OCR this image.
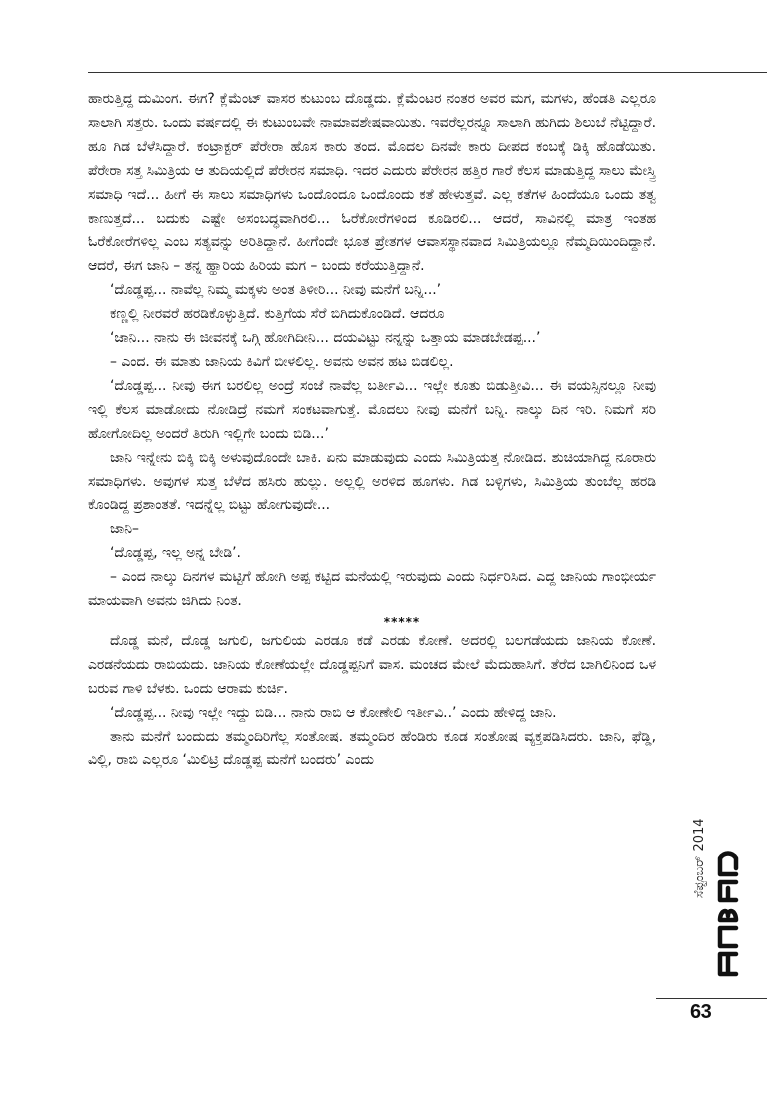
ಹಾರುತ್ತಿದ್ದ ದುಮಿಂಗ. ಈಗ? ಕ್ಲೆಮೆಂಟ್ ವಾಸರ ಕುಟುಂಬ ದೊಡ್ಡದು. ಕ್ಲೆಮೆಂಟರ ನಂತರ ಅವರ ಮಗ, ಮಗಳು, ಹೆಂಡತಿ ಎಲ್ಲರೂ ಸಾಲಾಗಿ ಸತ್ತರು. ಒಂದು ವರ್ಷದಲ್ಲಿ ಈ ಕುಟುಂಬವೇ ನಾಮಾವಶೇಷವಾಯಿತು. ಇವರೆಲ್ಲರನ್ನೂ ಸಾಲಾಗಿ ಹುಗಿದು ಶಿಲುಬೆ ನೆಟ್ಟಿದ್ದಾರೆ. ಹೂ ಗಿಡ ಬೆಳೆಸಿದ್ದಾರೆ. ಕಂಟ್ರಾಕ್ಟರ್ ಪೆರೇರಾ ಹೊಸ ಕಾರು ತಂದ. ಮೊದಲ ದಿನವೇ ಕಾರು ದೀಪದ ಕಂಬಕ್ಕೆ ಡಿಕ್ಕಿ ಹೊಡೆಯಿತು. ಪೆರೇರಾ ಸತ್ತ ಸಿಮಿತ್ರಿಯ ಆ ತುದಿಯಲ್ಲಿದೆ ಪೆರೇರನ ಸಮಾಧಿ. ಇದರ ಎದುರು ಪೆರೇರನ ಹತ್ತಿರ ಗಾರೆ ಕೆಲಸ ಮಾಡುತ್ತಿದ್ದ ಸಾಲು ಮೇಸ್ತ್ರಿ ಸಮಾಧಿ ಇದೆ... ಹೀಗೆ ಈ ಸಾಲು ಸಮಾಧಿಗಳು ಒಂದೊಂದೂ ಒಂದೊಂದು ಕತೆ ಹೇಳುತ್ತವೆ. ಎಲ್ಲ ಕತೆಗಳ ಹಿಂದೆಯೂ ಒಂದು ತತ್ವ ಕಾಣುತ್ತದೆ... ಬದುಕು ಎಷ್ಟೇ ಅಸಂಬದ್ಧವಾಗಿರಲಿ... ಓರೆಕೋರೆಗಳಿಂದ ಕೂಡಿರಲಿ... ಆದರೆ, ಸಾವಿನಲ್ಲಿ ಮಾತ್ರ ಇಂತಹ ಓರೆಕೋರೆಗಳಿಲ್ಲ ಎಂಬ ಸತ್ಯವನ್ನು ಅರಿತಿದ್ದಾನೆ. ಹೀಗೆಂದೇ ಭೂತ ಪ್ರೇತಗಳ ಆವಾಸಸ್ಥಾನವಾದ ಸಿಮಿತ್ರಿಯಲ್ಲೂ ನೆಮ್ಮದಿಯಿಂದಿದ್ದಾನೆ. ಆದರೆ, ಈಗ ಜಾನಿ – ತನ್ನ ಹ್ಹಾರಿಯ ಹಿರಿಯ ಮಗ – ಬಂದು ಕರೆಯುತ್ತಿದ್ದಾನೆ.

‘ದೊಡ್ಡಪ್ಪ... ನಾವೆಲ್ಲ ನಿಮ್ಮ ಮಕ್ಕಳು ಅಂತ ತಿಳೀರಿ... ನೀವು ಮನೆಗೆ ಬನ್ನಿ...’

ಕಣ್ಣಲ್ಲಿ ನೀರವರೆ ಹರಡಿಕೊಳ್ಳುತ್ತಿದೆ. ಕುತ್ತಿಗೆಯ ಸೆರೆ ಬಿಗಿದುಕೊಂಡಿದೆ. ಆದರೂ

‘ಜಾನಿ... ನಾನು ಈ ಜೀವನಕ್ಕೆ ಒಗ್ಗಿ ಹೋಗಿದೀನಿ... ದಯವಿಟ್ಟು ನನ್ನನ್ನು ಒತ್ತಾಯ ಮಾಡಬೇಡಪ್ಪ...’

– ಎಂದ. ಈ ಮಾತು ಜಾನಿಯ ಕಿವಿಗೆ ಬೀಳಲಿಲ್ಲ. ಅವನು ಅವನ ಹಟ ಬಿಡಲಿಲ್ಲ.

‘ದೊಡ್ಡಪ್ಪ... ನೀವು ಈಗ ಬರಲಿಲ್ಲ ಅಂದ್ರೆ ಸಂಜೆ ನಾವೆಲ್ಲ ಬರ್ತೀವಿ... ಇಲ್ಲೇ ಕೂತು ಬಿಡುತ್ತೀವಿ... ಈ ವಯಸ್ಸಿನಲ್ಲೂ ನೀವು ಇಲ್ಲಿ ಕೆಲಸ ಮಾಡೋದು ನೋಡಿದ್ರೆ ನಮಗೆ ಸಂಕಟವಾಗುತ್ತೆ. ಮೊದಲು ನೀವು ಮನೆಗೆ ಬನ್ನಿ. ನಾಲ್ಕು ದಿನ ಇರಿ. ನಿಮಗೆ ಸರಿ ಹೋಗೋದಿಲ್ಲ ಅಂದರೆ ತಿರುಗಿ ಇಲ್ಲಿಗೇ ಬಂದು ಬಿಡಿ...’

ಜಾನಿ ಇನ್ನೇನು ಬಿಕ್ಕಿ ಬಿಕ್ಕಿ ಅಳುವುದೊಂದೇ ಬಾಕಿ. ಏನು ಮಾಡುವುದು ಎಂದು ಸಿಮಿತ್ರಿಯತ್ತ ನೋಡಿದ. ಶುಚಿಯಾಗಿದ್ದ ನೂರಾರು ಸಮಾಧಿಗಳು. ಅವುಗಳ ಸುತ್ತ ಬೆಳೆದ ಹಸಿರು ಹುಲ್ಲು. ಅಲ್ಲಲ್ಲಿ ಅರಳಿದ ಹೂಗಳು. ಗಿಡ ಬಳ್ಳಿಗಳು, ಸಿಮಿತ್ರಿಯ ತುಂಬೆಲ್ಲ ಹರಡಿ ಕೊಂಡಿದ್ದ ಪ್ರಶಾಂತತೆ. ಇದನ್ನೆಲ್ಲ ಬಿಟ್ಟು ಹೋಗುವುದೇ...

ಜಾನಿ–

‘ದೊಡ್ಡಪ್ಪ, ಇಲ್ಲ ಅನ್ನ ಬೇಡಿ’.

– ಎಂದ ನಾಲ್ಕು ದಿನಗಳ ಮಟ್ಟಿಗೆ ಹೋಗಿ ಅಪ್ಪ ಕಟ್ಟಿದ ಮನೆಯಲ್ಲಿ ಇರುವುದು ಎಂದು ನಿರ್ಧರಿಸಿದ. ಎದ್ದ ಜಾನಿಯ ಗಾಂಭೀರ್ಯ ಮಾಯವಾಗಿ ಅವನು ಜಿಗಿದು ನಿಂತ.

*****

ದೊಡ್ಡ ಮನೆ, ದೊಡ್ಡ ಜಗುಲಿ, ಜಗುಲಿಯ ಎರಡೂ ಕಡೆ ಎರಡು ಕೋಣೆ. ಅದರಲ್ಲಿ ಬಲಗಡೆಯದು ಜಾನಿಯ ಕೋಣೆ. ಎರಡನೆಯದು ರಾಬಿಯದು. ಜಾನಿಯ ಕೋಣೆಯಲ್ಲೇ ದೊಡ್ಡಪ್ಪನಿಗೆ ವಾಸ. ಮಂಚದ ಮೇಲೆ ಮೆದುಹಾಸಿಗೆ. ತೆರೆದ ಬಾಗಿಲಿನಿಂದ ಒಳ ಬರುವ ಗಾಳಿ ಬೆಳಕು. ಒಂದು ಆರಾಮ ಕುರ್ಚಿ.

‘ದೊಡ್ಡಪ್ಪ... ನೀವು ಇಲ್ಲೇ ಇದ್ದು ಬಿಡಿ... ನಾನು ರಾಬಿ ಆ ಕೋಣೇಲಿ ಇರ್ತೀವಿ..’ ಎಂದು ಹೇಳಿದ್ದ ಜಾನಿ.

ತಾನು ಮನೆಗೆ ಬಂದುದು ತಮ್ಮಂದಿರಿಗೆಲ್ಲ ಸಂತೋಷ. ತಮ್ಮಂದಿರ ಹೆಂಡಿರು ಕೂಡ ಸಂತೋಷ ವ್ಯಕ್ತಪಡಿಸಿದರು. ಜಾನಿ, ಫೆಡ್ಡಿ, ವಿಲ್ಲಿ, ರಾಬಿ ಎಲ್ಲರೂ ‘ಮಿಲಿಟ್ರಿ ದೊಡ್ಡಪ್ಪ ಮನೆಗೆ ಬಂದರು’ ಎಂದು

ಸೆಪ್ಟಂಬರ್ 2014
63
